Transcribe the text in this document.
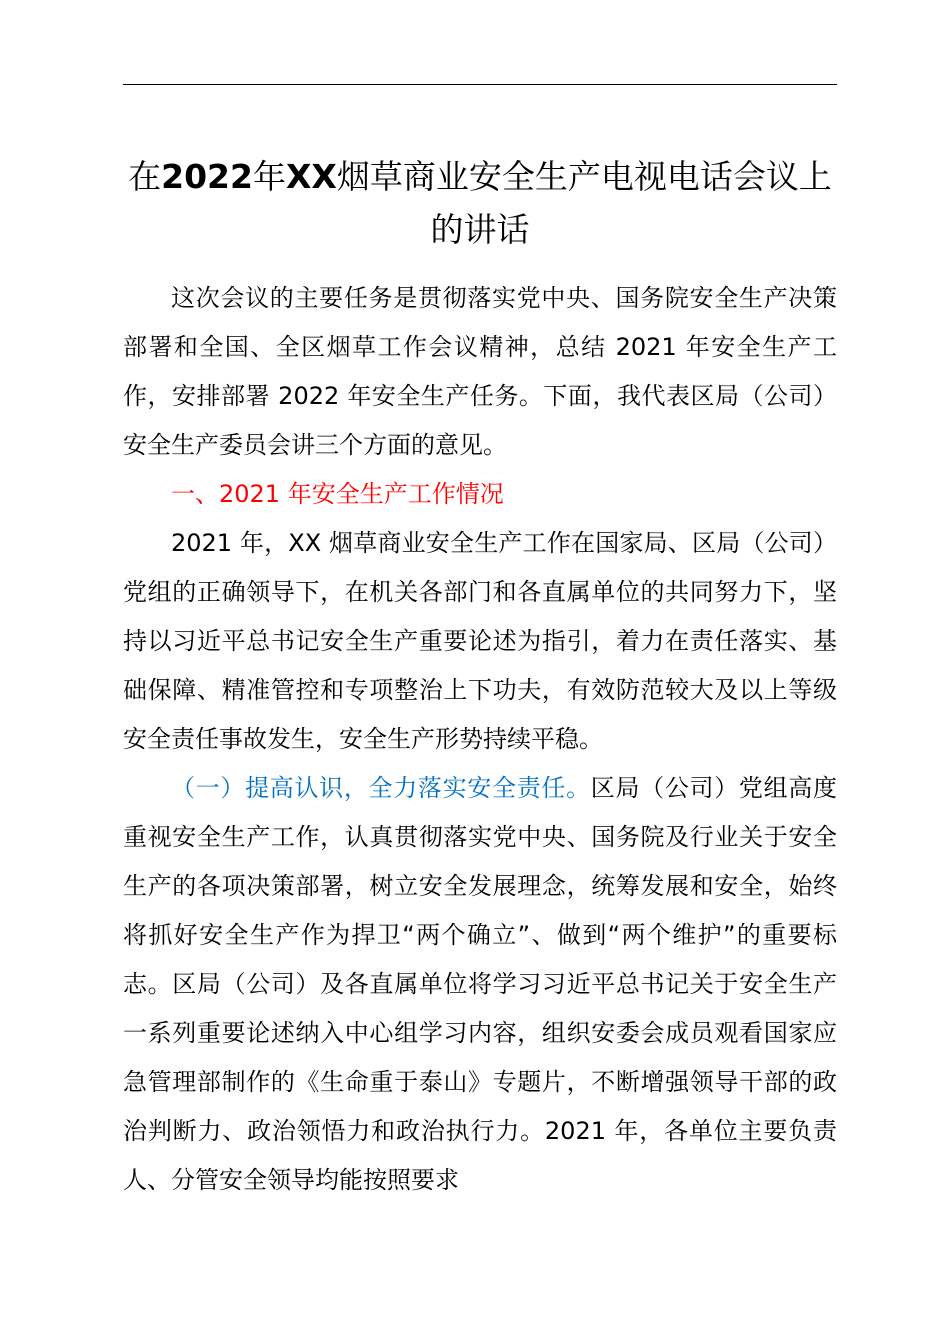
在2022年XX烟草商业安全生产电视电话会议上的讲话

这次会议的主要任务是贯彻落实党中央、国务院安全生产决策部署和全国、全区烟草工作会议精神，总结 2021 年安全生产工作，安排部署 2022 年安全生产任务。下面，我代表区局（公司）安全生产委员会讲三个方面的意见。

一、2021 年安全生产工作情况

2021 年，XX 烟草商业安全生产工作在国家局、区局（公司）党组的正确领导下，在机关各部门和各直属单位的共同努力下，坚持以习近平总书记安全生产重要论述为指引，着力在责任落实、基础保障、精准管控和专项整治上下功夫，有效防范较大及以上等级安全责任事故发生，安全生产形势持续平稳。

（一）提高认识，全力落实安全责任。区局（公司）党组高度重视安全生产工作，认真贯彻落实党中央、国务院及行业关于安全生产的各项决策部署，树立安全发展理念，统筹发展和安全，始终将抓好安全生产作为捍卫“两个确立”、做到“两个维护”的重要标志。区局（公司）及各直属单位将学习习近平总书记关于安全生产一系列重要论述纳入中心组学习内容，组织安委会成员观看国家应急管理部制作的《生命重于泰山》专题片，不断增强领导干部的政治判断力、政治领悟力和政治执行力。2021 年，各单位主要负责人、分管安全领导均能按照要求
